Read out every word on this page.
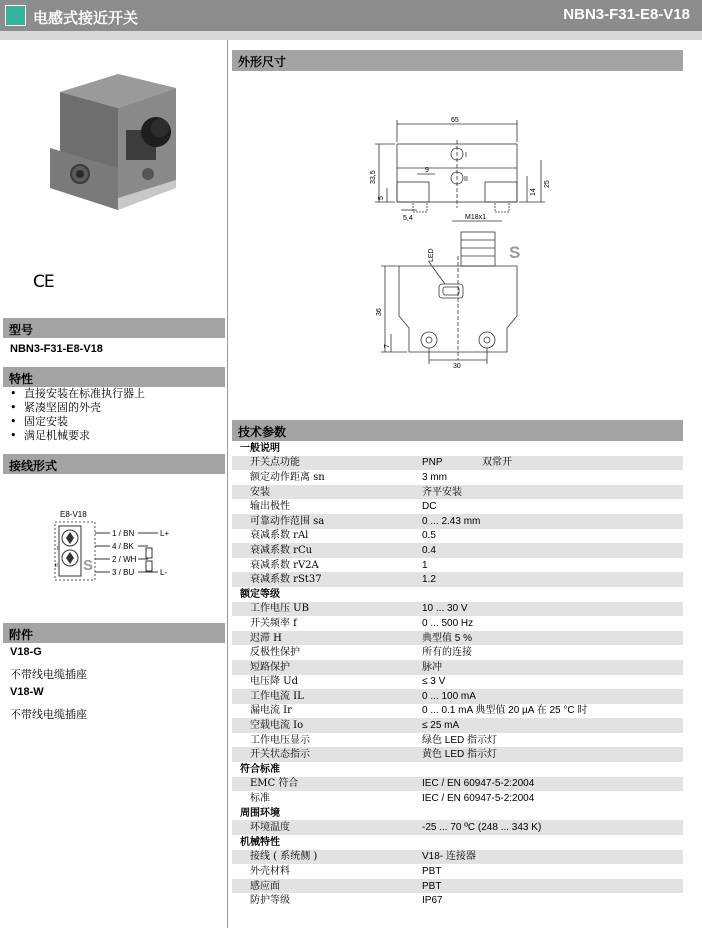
电感式接近开关	NBN3-F31-E8-V18
CE
型号
NBN3-F31-E8-V18
特性
• 直接安装在标准执行器上
• 紧凑坚固的外壳
• 固定安装
• 满足机械要求
接线形式
E8-V18
S
I
II
1 / BN
4 / BK
2 / WH
3 / BU
L+
L-
附件
V18-G
不带线电缆插座
V18-W
不带线电缆插座
外形尺寸
65
33,5	9
5
5,4
14
25
M18x1
LED
36
7
30
I
II
S
技术参数
一般说明
开关点功能	PNP	双常开
额定动作距离 sn	3 mm
安装	齐平安装
输出极性	DC
可靠动作范围 sa	0 ... 2.43 mm
衰减系数 rAl	0.5
衰减系数 rCu	0.4
衰减系数 rV2A	1
衰减系数 rSt37	1.2
额定等级
工作电压 UB	10 ... 30 V
开关频率 f	0 ... 500 Hz
迟滞 H	典型值 5 %
反极性保护	所有的连接
短路保护	脉冲
电压降 Ud	≤ 3 V
工作电流 IL	0 ... 100 mA
漏电流 Ir	0 ... 0.1 mA 典型值 20 µA 在 25 °C 时
空载电流 Io	≤ 25 mA
工作电压显示	绿色 LED 指示灯
开关状态指示	黄色 LED 指示灯
符合标准
EMC 符合	IEC / EN 60947-5-2:2004
标准	IEC / EN 60947-5-2:2004
周围环境
环境温度	-25 ... 70 ºC (248 ... 343 K)
机械特性
接线 ( 系统侧 )	V18- 连接器
外壳材料	PBT
感应面	PBT
防护等级	IP67
